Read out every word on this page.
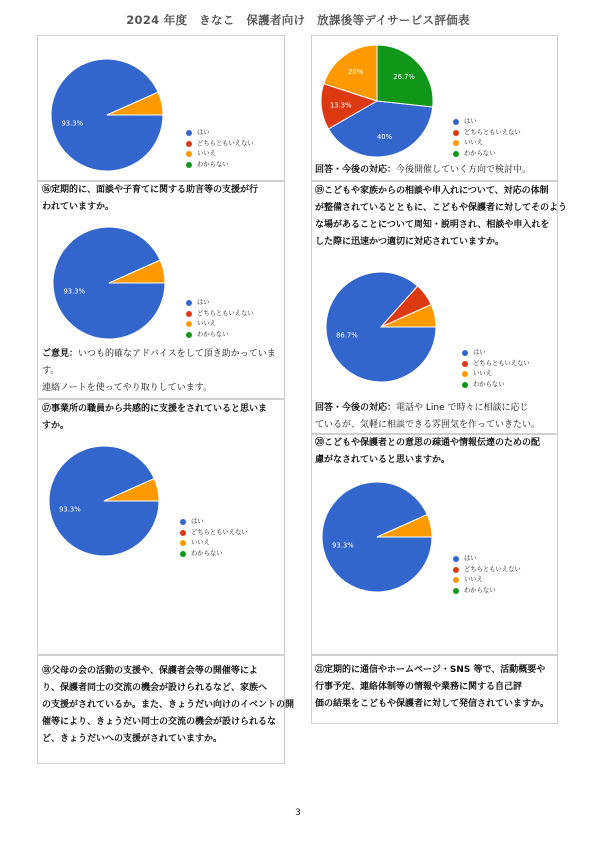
2024 年度　きなこ　保護者向け　放課後等デイサービス評価表
93.3%
はい
どちらともいえない
いいえ
わからない
⑯定期的に、面談や子育てに関する助言等の支援が行
われていますか。
93.3%
はい
どちらともいえない
いいえ
わからない
ご意見：いつも的確なアドバイスをして頂き助かっていま
す。
連絡ノートを使ってやり取りしています。
⑰事業所の職員から共感的に支援をされていると思いま
すか。
93.3%
はい
どちらともいえない
いいえ
わからない
⑱父母の会の活動の支援や、保護者会等の開催等によ
り、保護者同士の交流の機会が設けられるなど、家族へ
の支援がされているか。また、きょうだい向けのイベントの開
催等により、きょうだい同士の交流の機会が設けられるな
ど、きょうだいへの支援がされていますか。
40%
13.3%
20%
26.7%
はい
どちらともいえない
いいえ
わからない
回答・今後の対応：今後開催していく方向で検討中。
⑲こどもや家族からの相談や申入れについて、対応の体制
が整備されているとともに、こどもや保護者に対してそのよう
な場があることについて周知・説明され、相談や申入れを
した際に迅速かつ適切に対応されていますか。
86.7%
はい
どちらともいえない
いいえ
わからない
回答・今後の対応：電話や Line で時々に相談に応じ
ているが、気軽に相談できる雰囲気を作っていきたい。
⑳こどもや保護者との意思の疎通や情報伝達のための配
慮がなされていると思いますか。
93.3%
はい
どちらともいえない
いいえ
わからない
㉑定期的に通信やホームページ・SNS 等で、活動概要や
行事予定、連絡体制等の情報や業務に関する自己評
価の結果をこどもや保護者に対して発信されていますか。
3
